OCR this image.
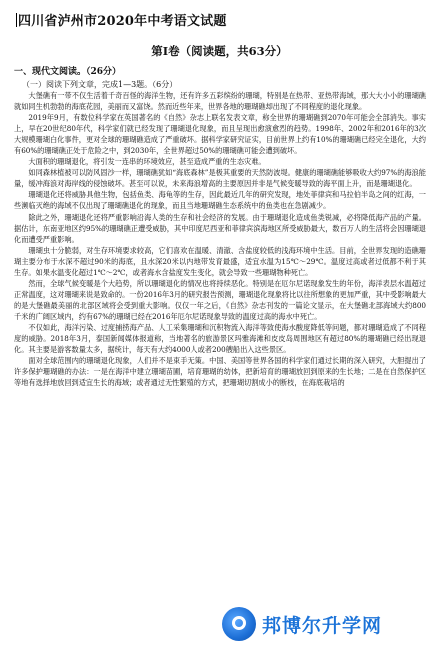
四川省泸州市2020年中考语文试题
第Ⅰ卷（阅读题，共63分）
一、现代文阅读。（26分）
（一）阅读下列文章，完成1—3题。（6分）

大堡礁有一带不仅生活着千奇百怪的海洋生物，还有许多五彩缤纷的珊瑚，特别是在热带、亚热带海域，那大大小小的珊瑚礁就如同生机勃勃的海底花园，美丽而又富饶。然而近些年来，世界各地的珊瑚礁却出现了不同程度的退化现象。

2019年9月，有数位科学家在英国著名的《自然》杂志上联名发表文章，称全世界的珊瑚礁到2070年可能会全部消失。事实上，早在20世纪80年代，科学家们就已经发现了珊瑚退化现象，而且呈现出愈演愈烈的趋势。1998年、2002年和2016年的3次大规模珊瑚白化事件，更对全球的珊瑚礁造成了严重破坏。据科学家研究证实，目前世界上约有10%的珊瑚礁已经完全退化，大约有60%的珊瑚礁正处于危险之中，到2030年，全世界超过50%的珊瑚礁可能会遭到破坏。

大面积的珊瑚退化，将引发一连串的环境效应，甚至造成严重的生态灾难。

如同森林植被可以防风固沙一样，珊瑚礁犹如“海底森林”是极其重要的天然防波堤。健康的珊瑚礁能够吸收大约97%的海浪能量，缓冲海浪对海岸线的侵蚀破坏。甚至可以说，未来海浪增高的主要原因并非是气候变暖导致的海平面上升，而是珊瑚退化。

珊瑚退化还将威胁具他生物，包括鱼类、海龟等的生存，因此最近几年的研究发现，地处菲律宾和马拉伯半岛之间的红海，一些濒临灭绝的海域不仅出现了珊瑚礁退化的现象，而且当地珊瑚礁生态系统中的鱼类也在急剧减少。

除此之外，珊瑚退化还将严重影响沿海人类的生存和社会经济的发展。由于珊瑚退化造成鱼类锐减，必将降低海产品的产量。据估计，东南亚地区约95%的珊瑚礁正遭受威胁，其中印度尼西亚和菲律宾滨海地区所受威胁最大，数百万人的生活将会因珊瑚退化而遭受严重影响。

珊瑚虫十分脆弱，对生存环境要求较高，它们喜欢在温暖、清澈、含盐度较低的浅海环境中生活。目前，全世界发现的造礁珊瑚主要分布于水深不超过90米的海底，且水深20米以内地带发育最盛，适宜水温为15℃～29℃。温度过高或者过低都不利于其生存。如果水温变化超过1℃～2℃，或者海水含盐度发生变化，就会导致一些珊瑚物种死亡。

然而，全球气候变暖是个大趋势，所以珊瑚退化的情况也将持续恶化。特别是在厄尔尼诺现象发生的年份，海洋表层水温超过正常温度，这对珊瑚来说是致命的。一份2016年3月的研究报告预测，珊瑚退化现象将比以往所想象的更加严重，其中受影响最大的是大堡礁最美丽的北部区域将会受到重大影响。仅仅一年之后，《自然》杂志刊发的一篇论文显示，在大堡礁北部海域大约800千米的广阔区域内，约有67%的珊瑚已经在2016年厄尔尼诺现象导致的温度过高的海水中死亡。

不仅如此，海洋污染、过度捕捞海产品、人工采集珊瑚和沉积物流入海洋等致使海水酸度降低等问题，都对珊瑚造成了不同程度的威胁。2018年3月，泰国新闻媒体报道称，当地著名的旅游景区玛雅海滩和皮皮岛周围地区有超过80%的珊瑚礁已经出现退化。其主要是游客数量太多，据统计，每天有大约4000人或者200艘船出入这些景区。

面对全球范围内的珊瑚退化现象，人们并不是束手无策。中国、美国等世界各国的科学家们通过长期的深入研究，大胆提出了许多保护珊瑚礁的办法：一是在海洋中建立珊瑚苗圃，培育珊瑚的幼体，把新培育的珊瑚放回到原来的生长地；二是在自然保护区等地有选择地放回到适宜生长的海域；或者通过无性繁殖的方式，把珊瑚切割成小的断枝，在海底栽培的

邦博尔升学网
